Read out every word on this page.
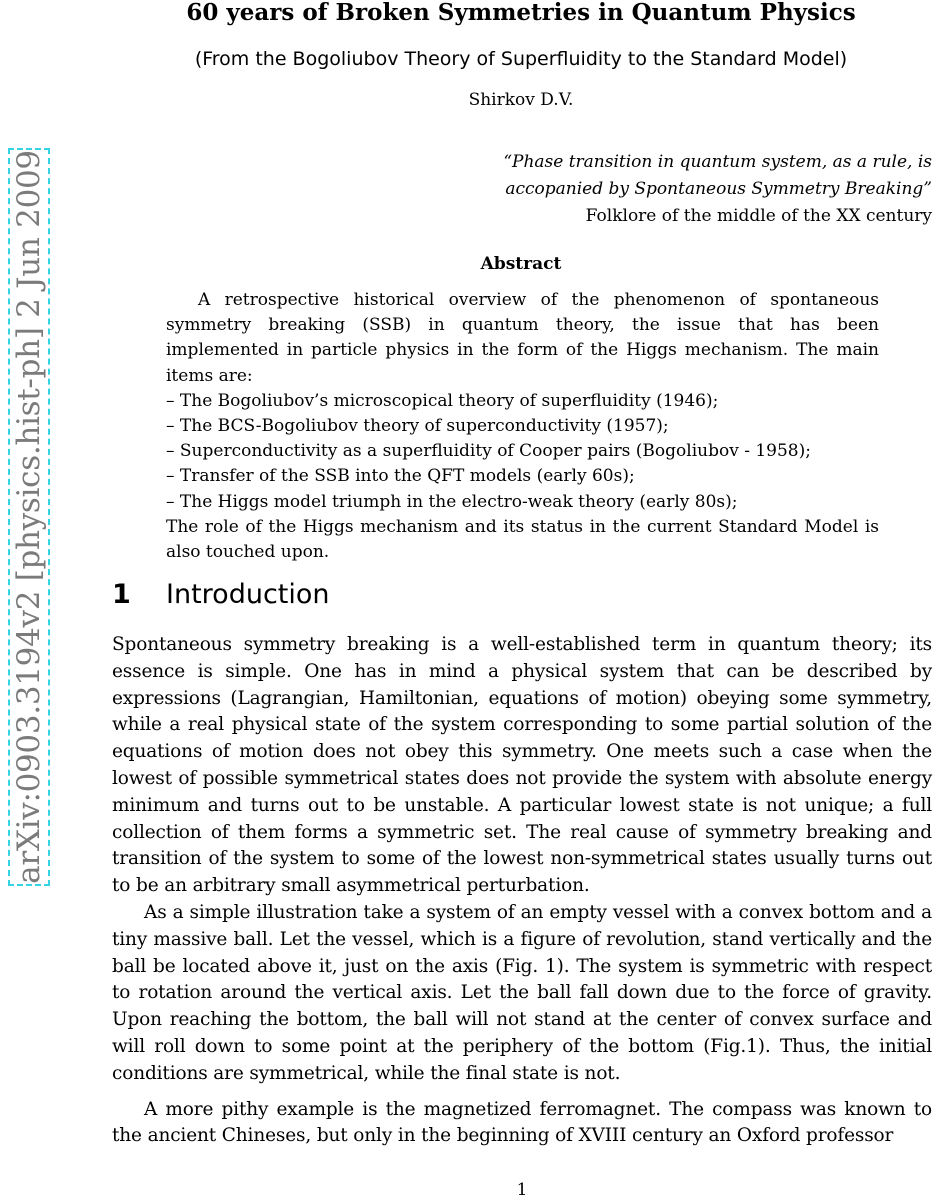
arXiv:0903.3194v2 [physics.hist-ph] 2 Jun 2009
60 years of Broken Symmetries in Quantum Physics
(From the Bogoliubov Theory of Superfluidity to the Standard Model)
Shirkov D.V.
“Phase transition in quantum system, as a rule, is
accopanied by Spontaneous Symmetry Breaking”
Folklore of the middle of the XX century
Abstract

A retrospective historical overview of the phenomenon of spontaneous symmetry breaking (SSB) in quantum theory, the issue that has been implemented in particle physics in the form of the Higgs mechanism. The main items are:

– The Bogoliubov’s microscopical theory of superfluidity (1946);

– The BCS-Bogoliubov theory of superconductivity (1957);

– Superconductivity as a superfluidity of Cooper pairs (Bogoliubov - 1958);

– Transfer of the SSB into the QFT models (early 60s);

– The Higgs model triumph in the electro-weak theory (early 80s);

The role of the Higgs mechanism and its status in the current Standard Model is also touched upon.

1 Introduction

Spontaneous symmetry breaking is a well-established term in quantum theory; its essence is simple. One has in mind a physical system that can be described by expressions (Lagrangian, Hamiltonian, equations of motion) obeying some symmetry, while a real physical state of the system corresponding to some partial solution of the equations of motion does not obey this symmetry. One meets such a case when the lowest of possible symmetrical states does not provide the system with absolute energy minimum and turns out to be unstable. A particular lowest state is not unique; a full collection of them forms a symmetric set. The real cause of symmetry breaking and transition of the system to some of the lowest non-symmetrical states usually turns out to be an arbitrary small asymmetrical perturbation.

As a simple illustration take a system of an empty vessel with a convex bottom and a tiny massive ball. Let the vessel, which is a figure of revolution, stand vertically and the ball be located above it, just on the axis (Fig. 1). The system is symmetric with respect to rotation around the vertical axis. Let the ball fall down due to the force of gravity. Upon reaching the bottom, the ball will not stand at the center of convex surface and will roll down to some point at the periphery of the bottom (Fig.1). Thus, the initial conditions are symmetrical, while the final state is not.

A more pithy example is the magnetized ferromagnet. The compass was known to the ancient Chineses, but only in the beginning of XVIII century an Oxford professor

1
